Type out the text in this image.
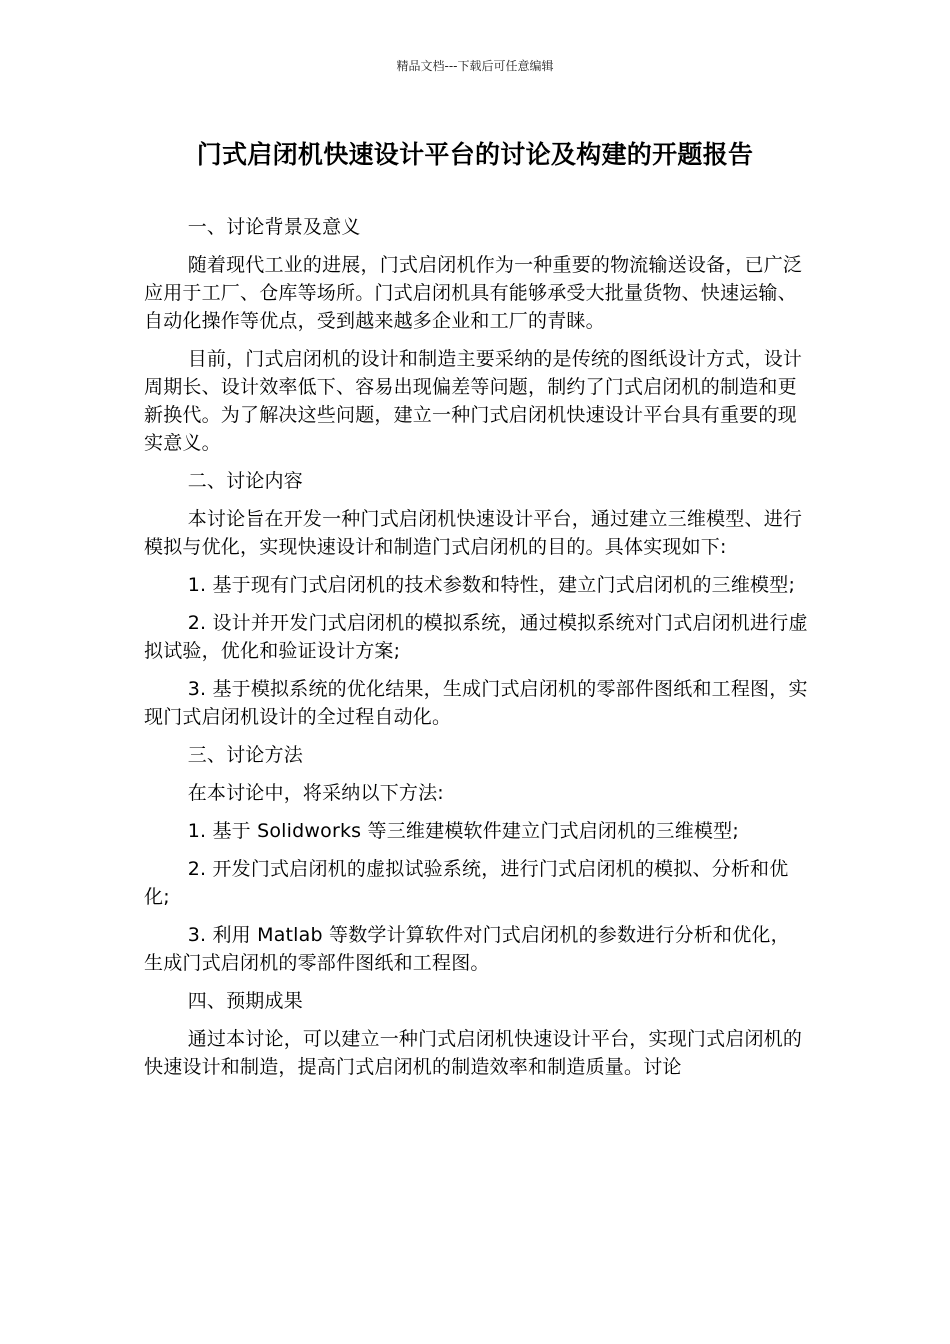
精品文档---下载后可任意编辑
门式启闭机快速设计平台的讨论及构建的开题报告

一、讨论背景及意义

随着现代工业的进展，门式启闭机作为一种重要的物流输送设备，已广泛应用于工厂、仓库等场所。门式启闭机具有能够承受大批量货物、快速运输、自动化操作等优点，受到越来越多企业和工厂的青睐。

目前，门式启闭机的设计和制造主要采纳的是传统的图纸设计方式，设计周期长、设计效率低下、容易出现偏差等问题，制约了门式启闭机的制造和更新换代。为了解决这些问题，建立一种门式启闭机快速设计平台具有重要的现实意义。

二、讨论内容

本讨论旨在开发一种门式启闭机快速设计平台，通过建立三维模型、进行模拟与优化，实现快速设计和制造门式启闭机的目的。具体实现如下:

1. 基于现有门式启闭机的技术参数和特性，建立门式启闭机的三维模型;

2. 设计并开发门式启闭机的模拟系统，通过模拟系统对门式启闭机进行虚拟试验，优化和验证设计方案;

3. 基于模拟系统的优化结果，生成门式启闭机的零部件图纸和工程图，实现门式启闭机设计的全过程自动化。

三、讨论方法

在本讨论中，将采纳以下方法:

1. 基于 Solidworks 等三维建模软件建立门式启闭机的三维模型;

2. 开发门式启闭机的虚拟试验系统，进行门式启闭机的模拟、分析和优化;

3. 利用 Matlab 等数学计算软件对门式启闭机的参数进行分析和优化，生成门式启闭机的零部件图纸和工程图。

四、预期成果

通过本讨论，可以建立一种门式启闭机快速设计平台，实现门式启闭机的快速设计和制造，提高门式启闭机的制造效率和制造质量。讨论
